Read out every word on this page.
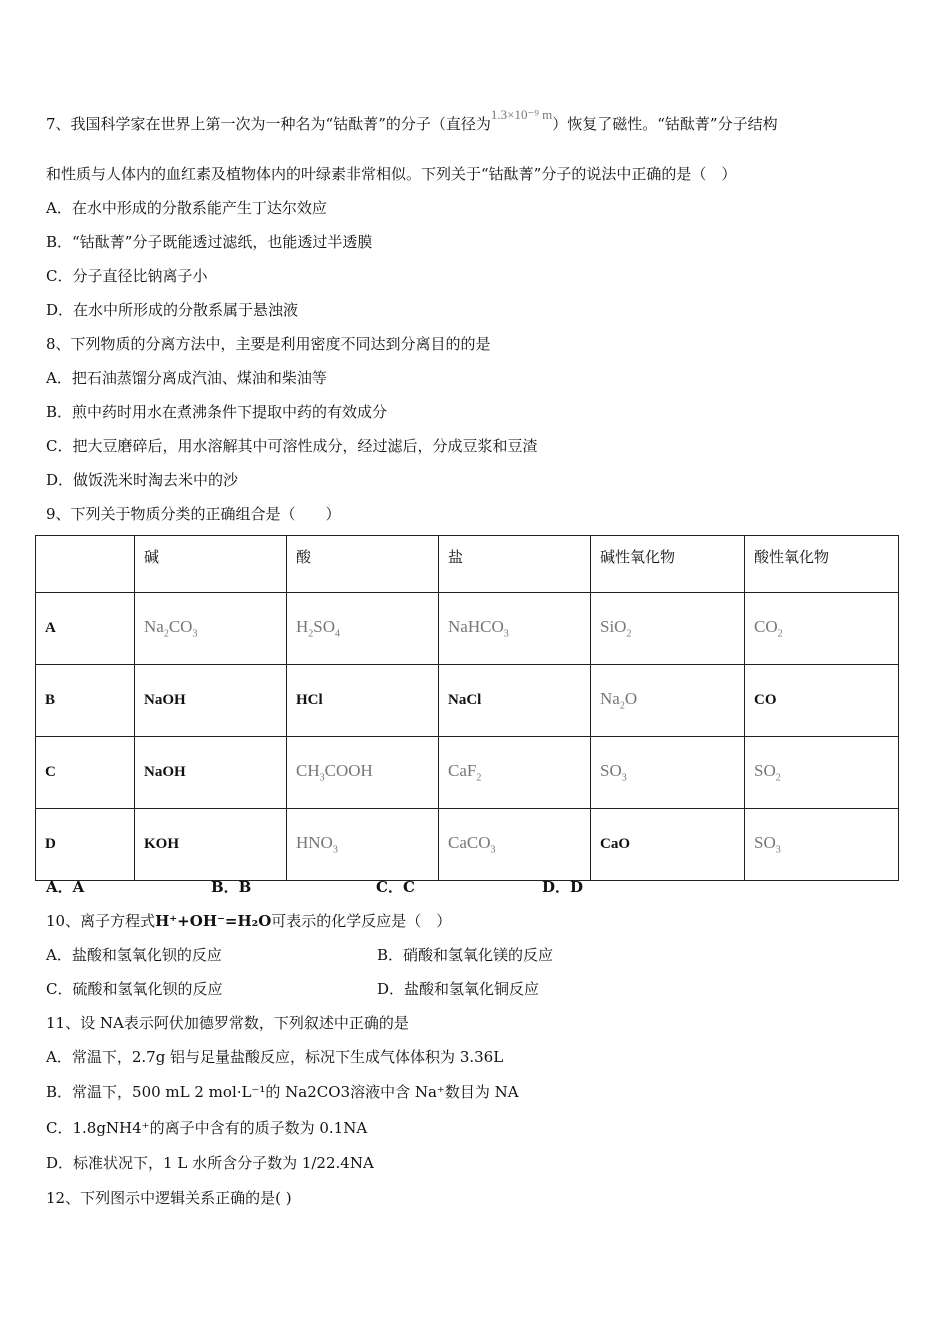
7、我国科学家在世界上第一次为一种名为“钴酞菁”的分子（直径为1.3×10⁻⁹ m）恢复了磁性。“钴酞菁”分子结构
和性质与人体内的血红素及植物体内的叶绿素非常相似。下列关于“钴酞菁”分子的说法中正确的是（　）
A．在水中形成的分散系能产生丁达尔效应
B．“钴酞菁”分子既能透过滤纸，也能透过半透膜
C．分子直径比钠离子小
D．在水中所形成的分散系属于悬浊液
8、下列物质的分离方法中，主要是利用密度不同达到分离目的的是
A．把石油蒸馏分离成汽油、煤油和柴油等
B．煎中药时用水在煮沸条件下提取中药的有效成分
C．把大豆磨碎后，用水溶解其中可溶性成分，经过滤后，分成豆浆和豆渣
D．做饭洗米时淘去米中的沙
9、下列关于物质分类的正确组合是（　　）
	碱	酸	盐	碱性氧化物	酸性氧化物
A	$Na_2CO_3$	$H_2SO_4$	NaHCO$_3$	SiO$_2$	$CO_2$
B	NaOH	HCl	NaCl	$Na_2O$	CO
C	NaOH	$CH_3COOH$	CaF$_2$	$SO_3$	$SO_2$
D	KOH	$HNO_3$	CaCO$_3$	CaO	$SO_3$
A．A	B．B	C．C	D．D
10、离子方程式H⁺+OH⁻=H₂O可表示的化学反应是（　）
A．盐酸和氢氧化钡的反应	B．硝酸和氢氧化镁的反应
C．硫酸和氢氧化钡的反应	D．盐酸和氢氧化铜反应
11、设 NA表示阿伏加德罗常数，下列叙述中正确的是
A．常温下，2.7g 铝与足量盐酸反应，标况下生成气体体积为 3.36L
B．常温下，500 mL 2 mol·L⁻¹的 Na2CO3溶液中含 Na⁺数目为 NA
C．1.8gNH4⁺的离子中含有的质子数为 0.1NA
D．标准状况下，1 L 水所含分子数为 1/22.4NA
12、下列图示中逻辑关系正确的是( )
